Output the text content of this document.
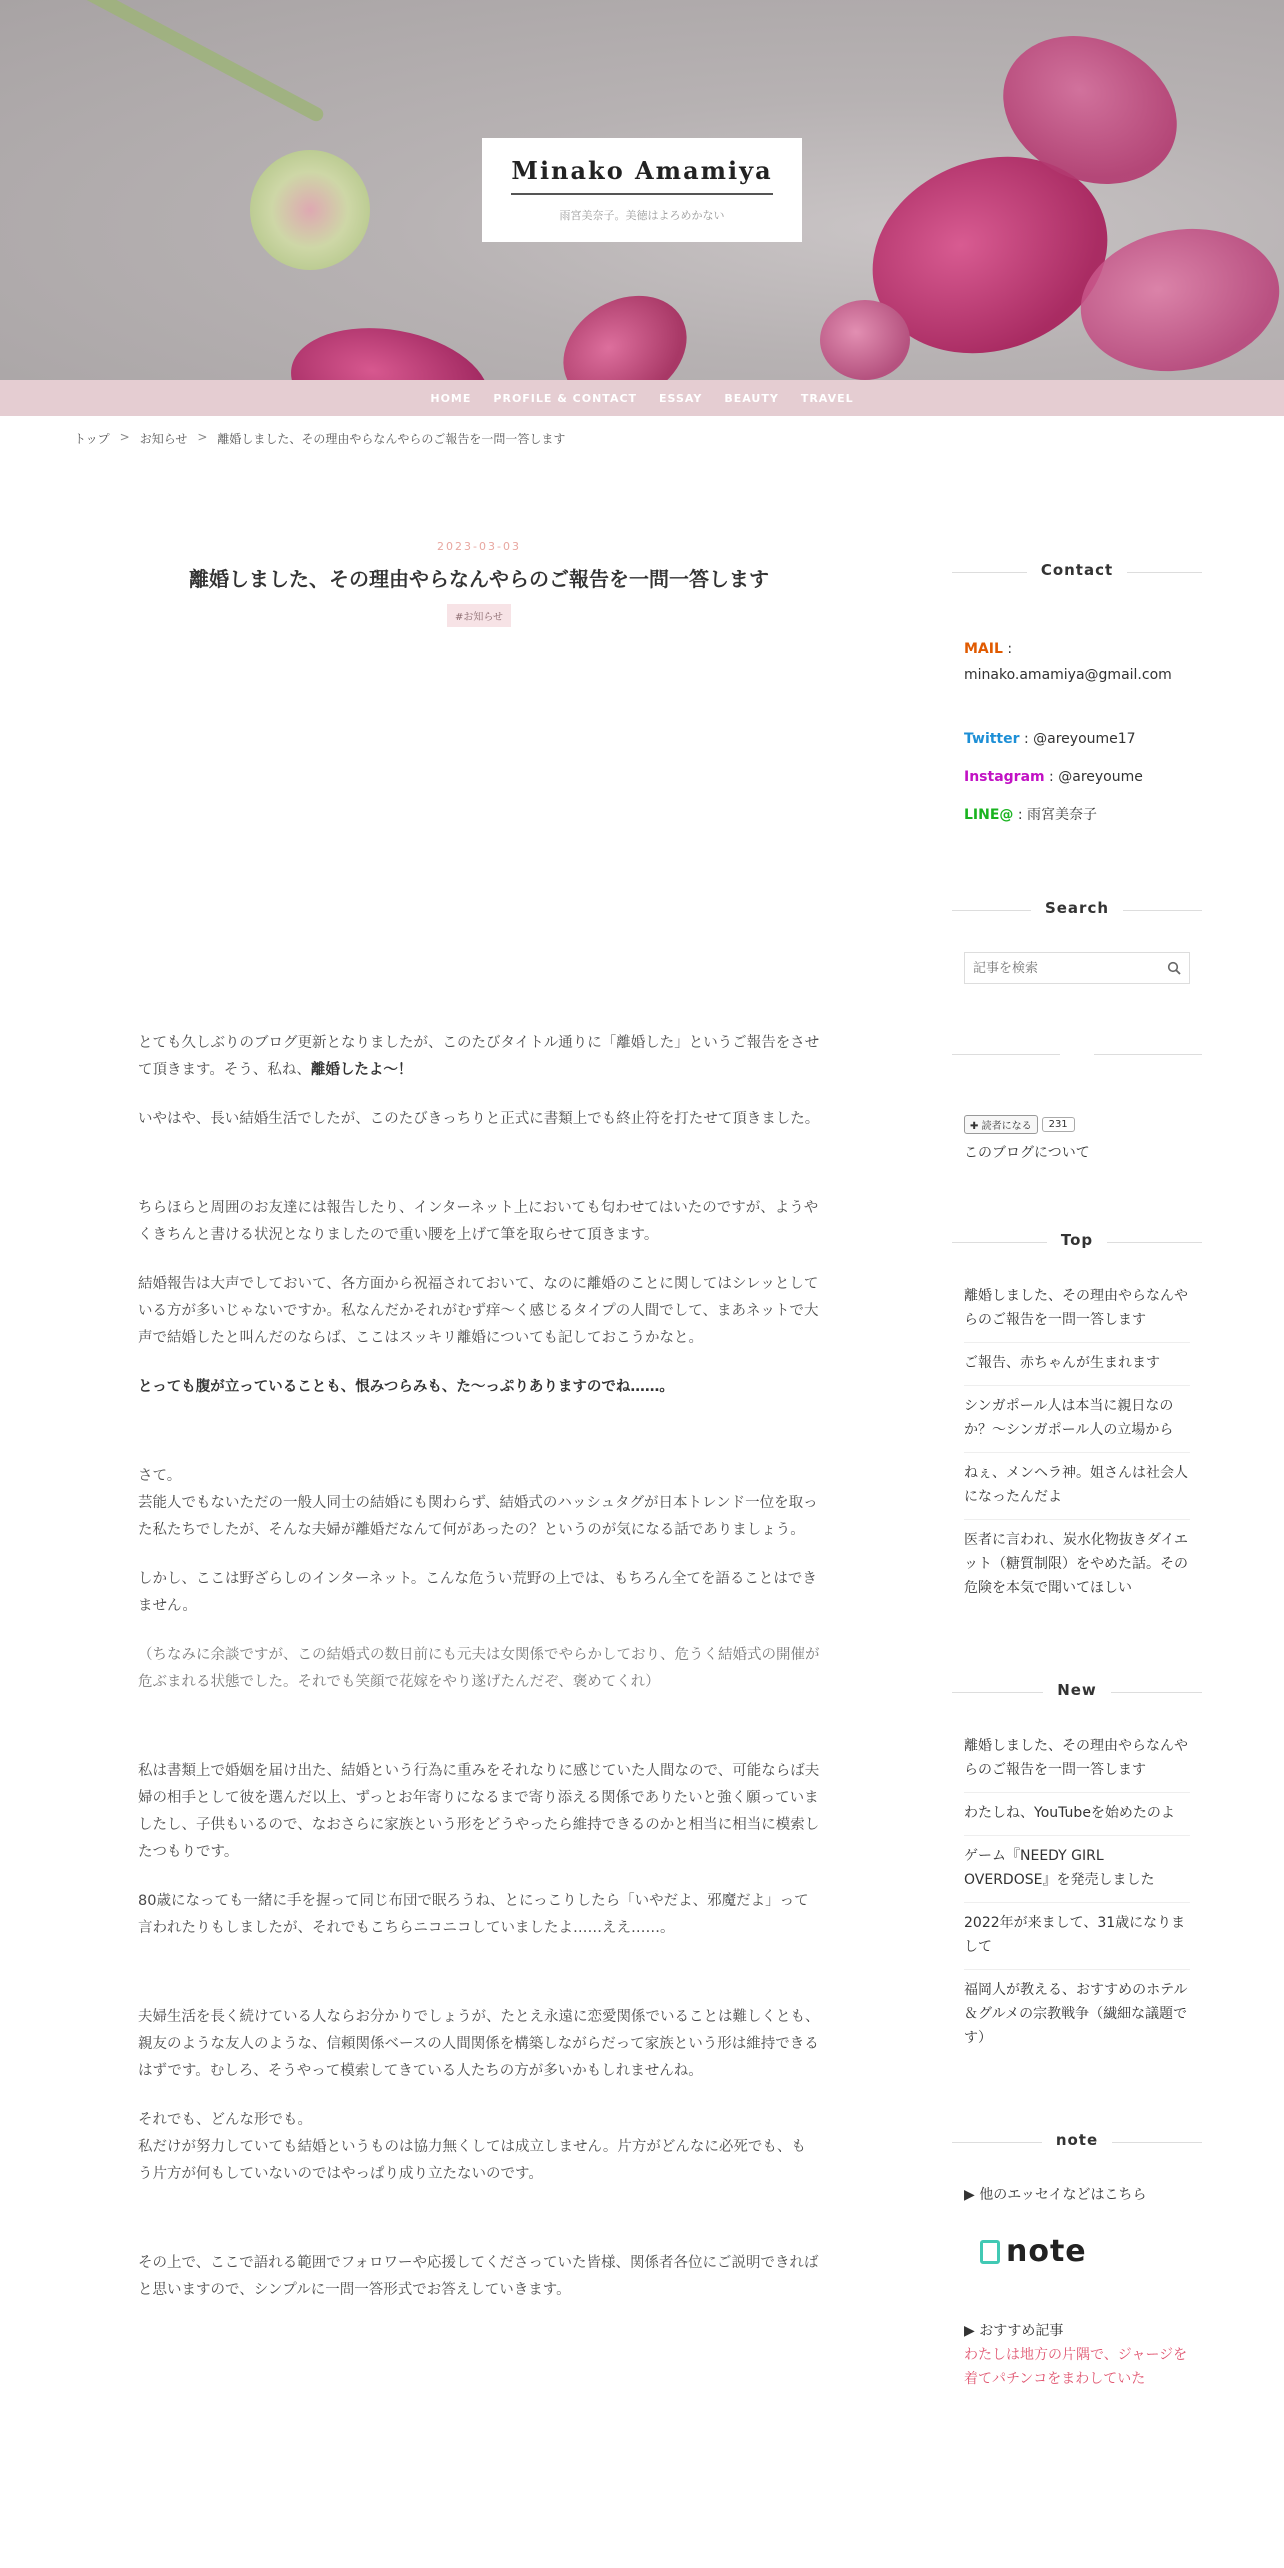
Minako Amamiya
雨宮美奈子。美徳はよろめかない
HOME PROFILE & CONTACT ESSAY BEAUTY TRAVEL
トップ > お知らせ > 離婚しました、その理由やらなんやらのご報告を一問一答します
2023-03-03
離婚しました、その理由やらなんやらのご報告を一問一答します
#お知らせ

とても久しぶりのブログ更新となりましたが、このたびタイトル通りに「離婚した」というご報告をさせて頂きます。そう、私ね、離婚したよ〜！

いやはや、長い結婚生活でしたが、このたびきっちりと正式に書類上でも終止符を打たせて頂きました。

ちらほらと周囲のお友達には報告したり、インターネット上においても匂わせてはいたのですが、ようやくきちんと書ける状況となりましたので重い腰を上げて筆を取らせて頂きます。

結婚報告は大声でしておいて、各方面から祝福されておいて、なのに離婚のことに関してはシレッとしている方が多いじゃないですか。私なんだかそれがむず痒〜く感じるタイプの人間でして、まあネットで大声で結婚したと叫んだのならば、ここはスッキリ離婚についても記しておこうかなと。

とっても腹が立っていることも、恨みつらみも、た〜っぷりありますのでね……。

さて。
芸能人でもないただの一般人同士の結婚にも関わらず、結婚式のハッシュタグが日本トレンド一位を取った私たちでしたが、そんな夫婦が離婚だなんて何があったの？というのが気になる話でありましょう。

しかし、ここは野ざらしのインターネット。こんな危うい荒野の上では、もちろん全てを語ることはできません。

（ちなみに余談ですが、この結婚式の数日前にも元夫は女関係でやらかしており、危うく結婚式の開催が危ぶまれる状態でした。それでも笑顔で花嫁をやり遂げたんだぞ、褒めてくれ）

私は書類上で婚姻を届け出た、結婚という行為に重みをそれなりに感じていた人間なので、可能ならば夫婦の相手として彼を選んだ以上、ずっとお年寄りになるまで寄り添える関係でありたいと強く願っていましたし、子供もいるので、なおさらに家族という形をどうやったら維持できるのかと相当に相当に模索したつもりです。

80歳になっても一緒に手を握って同じ布団で眠ろうね、とにっこりしたら「いやだよ、邪魔だよ」って言われたりもしましたが、それでもこちらニコニコしていましたよ……ええ……。

夫婦生活を長く続けている人ならお分かりでしょうが、たとえ永遠に恋愛関係でいることは難しくとも、親友のような友人のような、信頼関係ベースの人間関係を構築しながらだって家族という形は維持できるはずです。むしろ、そうやって模索してきている人たちの方が多いかもしれませんね。

それでも、どんな形でも。
私だけが努力していても結婚というものは協力無くしては成立しません。片方がどんなに必死でも、もう片方が何もしていないのではやっぱり成り立たないのです。

その上で、ここで語れる範囲でフォロワーや応援してくださっていた皆様、関係者各位にご説明できればと思いますので、シンプルに一問一答形式でお答えしていきます。

Contact
MAIL :
minako.amamiya@gmail.com
Twitter : @areyoume17
Instagram : @areyoume
LINE@ : 雨宮美奈子
Search
記事を検索
✚ 読者になる	231
このブログについて
Top
離婚しました、その理由やらなんやらのご報告を一問一答します
ご報告、赤ちゃんが生まれます
シンガポール人は本当に親日なのか？〜シンガポール人の立場から
ねぇ、メンヘラ神。姐さんは社会人になったんだよ
医者に言われ、炭水化物抜きダイエット（糖質制限）をやめた話。その危険を本気で聞いてほしい
New
離婚しました、その理由やらなんやらのご報告を一問一答します
わたしね、YouTubeを始めたのよ
ゲーム『NEEDY GIRL OVERDOSE』を発売しました
2022年が来まして、31歳になりまして
福岡人が教える、おすすめのホテル＆グルメの宗教戦争（繊細な議題です）
note
▶ 他のエッセイなどはこちら
note
▶ おすすめ記事
わたしは地方の片隅で、ジャージを着てパチンコをまわしていた
